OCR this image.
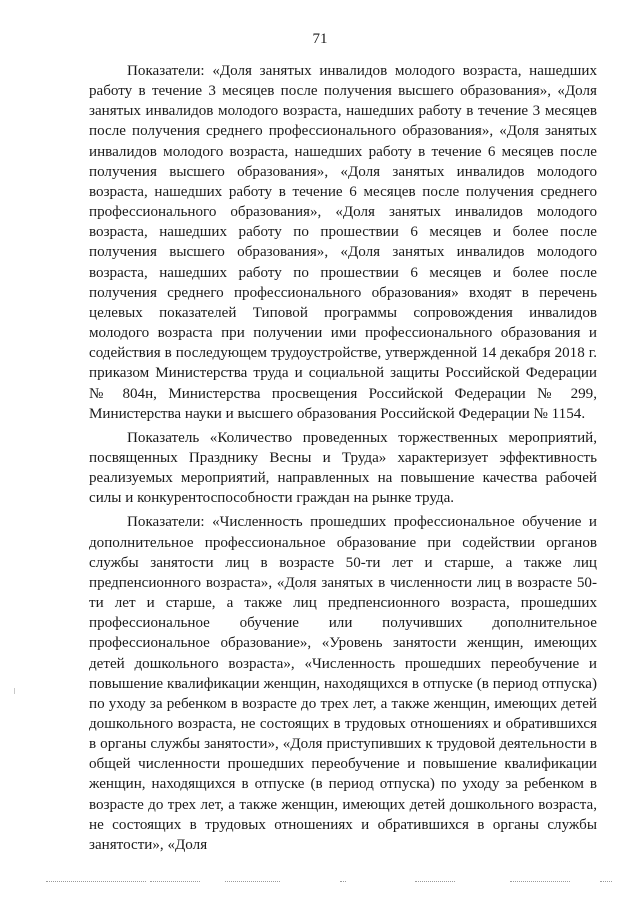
71

Показатели: «Доля занятых инвалидов молодого возраста, нашедших работу в течение 3 месяцев после получения высшего образования», «Доля занятых инвалидов молодого возраста, нашедших работу в течение 3 месяцев после получения среднего профессионального образования», «Доля занятых инвалидов молодого возраста, нашедших работу в течение 6 месяцев после получения высшего образования», «Доля занятых инвалидов молодого возраста, нашедших работу в течение 6 месяцев после получения среднего профессионального образования», «Доля занятых инвалидов молодого возраста, нашедших работу по прошествии 6 месяцев и более после получения высшего образования», «Доля занятых инвалидов молодого возраста, нашедших работу по прошествии 6 месяцев и более после получения среднего профессионального образования» входят в перечень целевых показателей Типовой программы сопровождения инвалидов молодого возраста при получении ими профессионального образования и содействия в последующем трудоустройстве, утвержденной 14 декабря 2018 г. приказом Министерства труда и социальной защиты Российской Федерации № 804н, Министерства просвещения Российской Федерации № 299, Министерства науки и высшего образования Российской Федерации № 1154.

Показатель «Количество проведенных торжественных мероприятий, посвященных Празднику Весны и Труда» характеризует эффективность реализуемых мероприятий, направленных на повышение качества рабочей силы и конкурентоспособности граждан на рынке труда.

Показатели: «Численность прошедших профессиональное обучение и дополнительное профессиональное образование при содействии органов службы занятости лиц в возрасте 50-ти лет и старше, а также лиц предпенсионного возраста», «Доля занятых в численности лиц в возрасте 50-ти лет и старше, а также лиц предпенсионного возраста, прошедших профессиональное обучение или получивших дополнительное профессиональное образование», «Уровень занятости женщин, имеющих детей дошкольного возраста», «Численность прошедших переобучение и повышение квалификации женщин, находящихся в отпуске (в период отпуска) по уходу за ребенком в возрасте до трех лет, а также женщин, имеющих детей дошкольного возраста, не состоящих в трудовых отношениях и обратившихся в органы службы занятости», «Доля приступивших к трудовой деятельности в общей численности прошедших переобучение и повышение квалификации женщин, находящихся в отпуске (в период отпуска) по уходу за ребенком в возрасте до трех лет, а также женщин, имеющих детей дошкольного возраста, не состоящих в трудовых отношениях и обратившихся в органы службы занятости», «Доля
